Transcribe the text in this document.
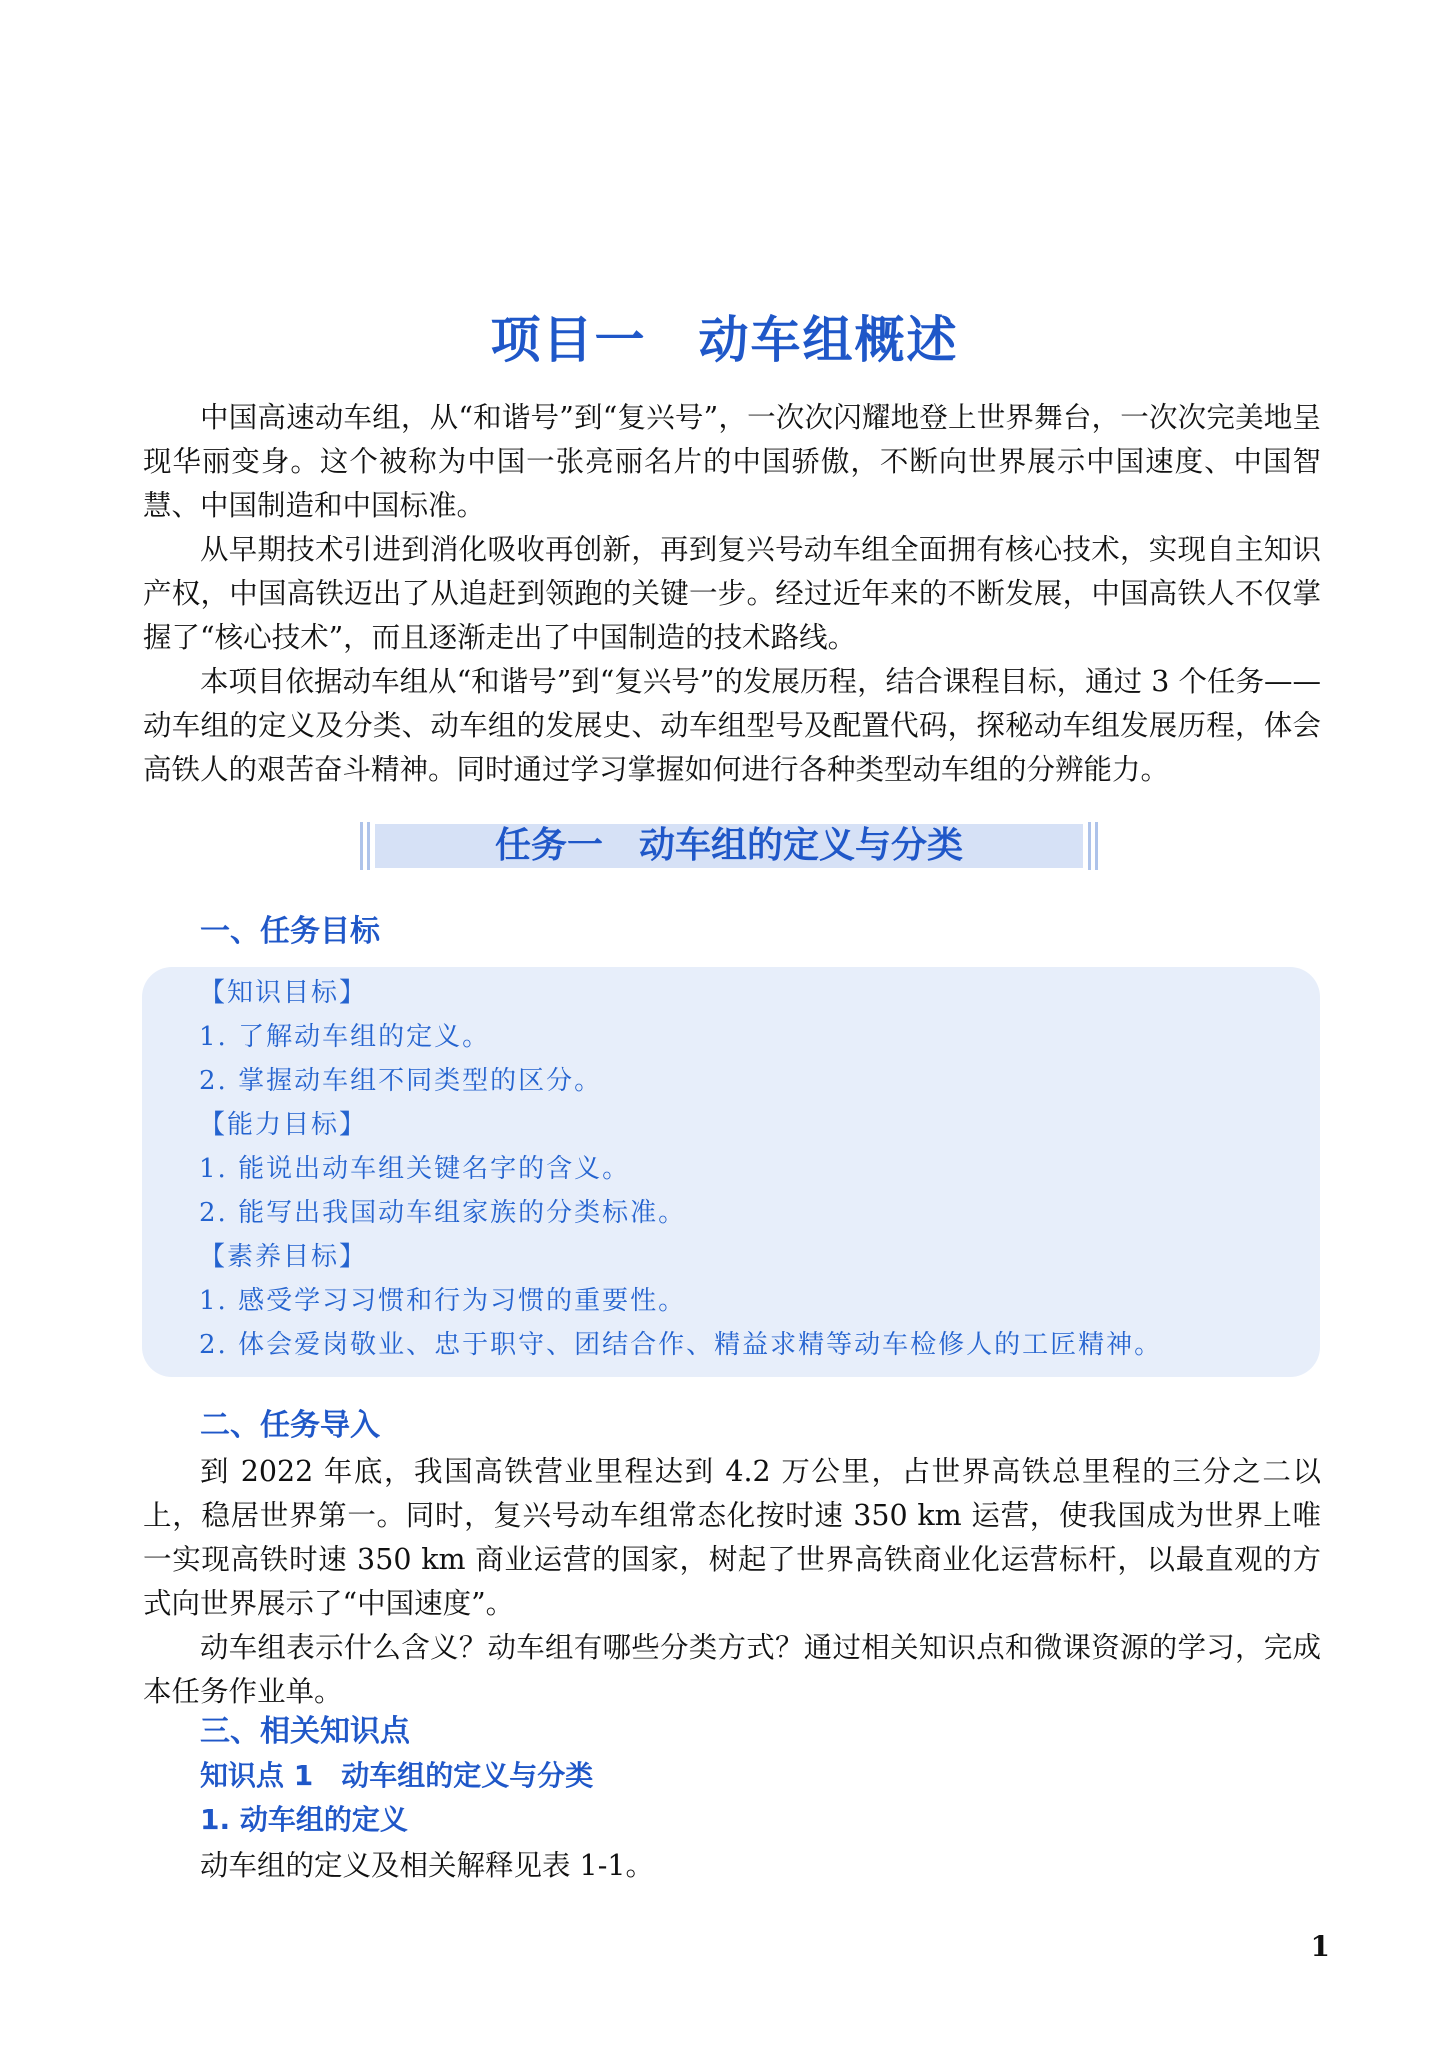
项目一　动车组概述

中国高速动车组，从“和谐号”到“复兴号”，一次次闪耀地登上世界舞台，一次次完美地呈现华丽变身。这个被称为中国一张亮丽名片的中国骄傲，不断向世界展示中国速度、中国智慧、中国制造和中国标准。

从早期技术引进到消化吸收再创新，再到复兴号动车组全面拥有核心技术，实现自主知识产权，中国高铁迈出了从追赶到领跑的关键一步。经过近年来的不断发展，中国高铁人不仅掌握了“核心技术”，而且逐渐走出了中国制造的技术路线。

本项目依据动车组从“和谐号”到“复兴号”的发展历程，结合课程目标，通过 3 个任务——动车组的定义及分类、动车组的发展史、动车组型号及配置代码，探秘动车组发展历程，体会高铁人的艰苦奋斗精神。同时通过学习掌握如何进行各种类型动车组的分辨能力。

任务一　动车组的定义与分类
一、任务目标
【知识目标】
1. 了解动车组的定义。
2. 掌握动车组不同类型的区分。
【能力目标】
1. 能说出动车组关键名字的含义。
2. 能写出我国动车组家族的分类标准。
【素养目标】
1. 感受学习习惯和行为习惯的重要性。
2. 体会爱岗敬业、忠于职守、团结合作、精益求精等动车检修人的工匠精神。
二、任务导入

到 2022 年底，我国高铁营业里程达到 4.2 万公里，占世界高铁总里程的三分之二以上，稳居世界第一。同时，复兴号动车组常态化按时速 350 km 运营，使我国成为世界上唯一实现高铁时速 350 km 商业运营的国家，树起了世界高铁商业化运营标杆，以最直观的方式向世界展示了“中国速度”。

动车组表示什么含义？动车组有哪些分类方式？通过相关知识点和微课资源的学习，完成本任务作业单。

三、相关知识点
知识点 1　动车组的定义与分类
1. 动车组的定义

动车组的定义及相关解释见表 1-1。

1
